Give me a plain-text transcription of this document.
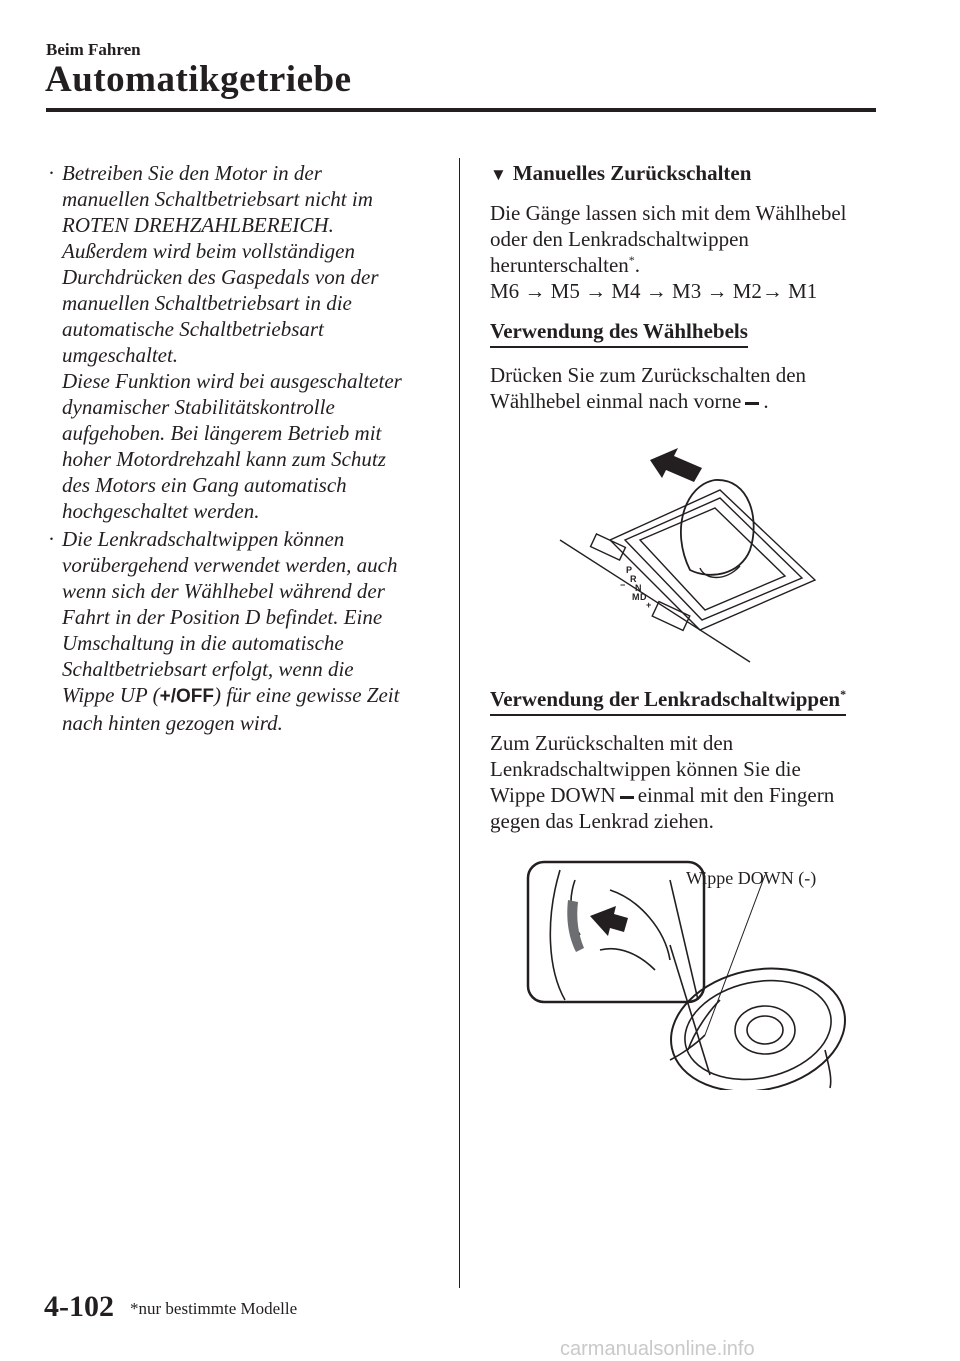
Beim Fahren
Automatikgetriebe
· Betreiben Sie den Motor in der
manuellen Schaltbetriebsart nicht im
ROTEN DREHZAHLBEREICH.
Außerdem wird beim vollständigen
Durchdrücken des Gaspedals von der
manuellen Schaltbetriebsart in die
automatische Schaltbetriebsart
umgeschaltet.
Diese Funktion wird bei ausgeschalteter
dynamischer Stabilitätskontrolle
aufgehoben. Bei längerem Betrieb mit
hoher Motordrehzahl kann zum Schutz
des Motors ein Gang automatisch
hochgeschaltet werden.

· Die Lenkradschaltwippen können
vorübergehend verwendet werden, auch
wenn sich der Wählhebel während der
Fahrt in der Position D befindet. Eine
Umschaltung in die automatische
Schaltbetriebsart erfolgt, wenn die
Wippe UP (+/OFF) für eine gewisse Zeit
nach hinten gezogen wird.

▼ Manuelles Zurückschalten

Die Gänge lassen sich mit dem Wählhebel
oder den Lenkradschaltwippen
herunterschalten*.
M6 → M5 → M4 → M3 → M2→ M1

Verwendung des Wählhebels

Drücken Sie zum Zurückschalten den
Wählhebel einmal nach vorne .

P
R
N
D
M
+
−
Verwendung der Lenkradschaltwippen*

Zum Zurückschalten mit den
Lenkradschaltwippen können Sie die
Wippe DOWN einmal mit den Fingern
gegen das Lenkrad ziehen.

Wippe DOWN (-)
4-102 *nur bestimmte Modelle
carmanualsonline.info
